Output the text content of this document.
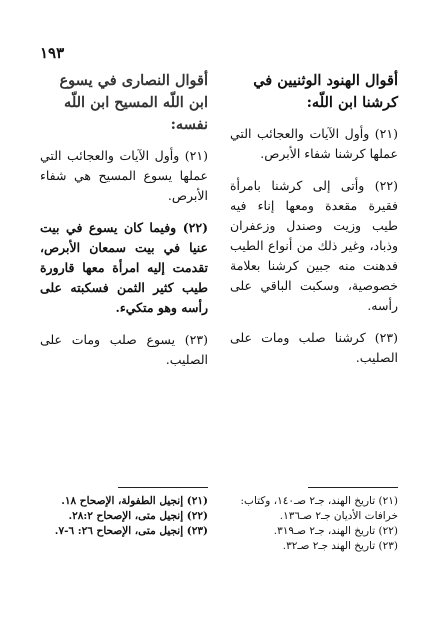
١٩٣

أقوال الهنود الوثنيين في كرشنا ابن اللّه:

(٢١) وأول الآيات والعجائب التي عملها كرشنا شفاء الأبرص.

(٢٢) وأتى إلى كرشنا بامرأة فقيرة مقعدة ومعها إناء فيه طيب وزيت وصندل وزعفران وذباد، وغير ذلك من أنواع الطيب فدهنت منه جبين كرشنا بعلامة خصوصية، وسكبت الباقي على رأسه.

(٢٣) كرشنا صلب ومات على الصليب.

أقوال النصارى في يسوع ابن اللّه المسيح ابن اللّه نفسه:

(٢١) وأول الآيات والعجائب التي عملها يسوع المسيح هي شفاء الأبرص.

(٢٢) وفيما كان يسوع في بيت عنيا في بيت سمعان الأبرص، تقدمت إليه امرأة معها قارورة طيب كثير الثمن فسكبته على رأسه وهو متكيء.

(٢٣) يسوع صلب ومات على الصليب.

(٢١) تاريخ الهند، جـ٢ صـ١٤٠، وكتاب:

خرافات الأديان جـ٢ صـ١٣٦.

(٢٢) تاريخ الهند، جـ٢ صـ٣١٩.

(٢٣) تاريخ الهند جـ٢ صـ٣٢.

(٢١) إنجيل الطفولة، الإصحاح ١٨.

(٢٢) إنجيل متى، الإصحاح ٢٨:٢.

(٢٣) إنجيل متى، الإصحاح ٢٦: ٦-٧.
